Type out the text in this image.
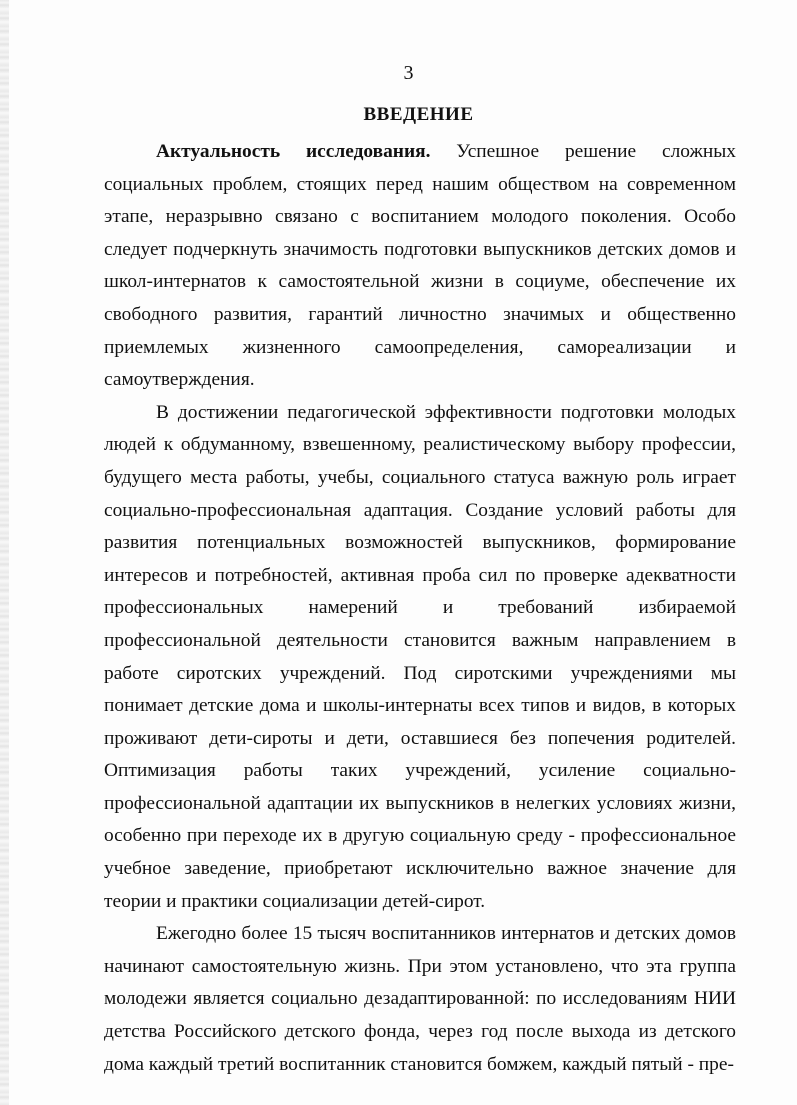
3
ВВЕДЕНИЕ

Актуальность исследования. Успешное решение сложных социальных проблем, стоящих перед нашим обществом на современном этапе, неразрывно связано с воспитанием молодого поколения. Особо следует подчеркнуть значимость подготовки выпускников детских домов и школ-интернатов к самостоятельной жизни в социуме, обеспечение их свободного развития, гарантий личностно значимых и общественно приемлемых жизненного самоопределения, самореализации и самоутверждения.

В достижении педагогической эффективности подготовки молодых людей к обдуманному, взвешенному, реалистическому выбору профессии, будущего места работы, учебы, социального статуса важную роль играет социально-профессиональная адаптация. Создание условий работы для развития потенциальных возможностей выпускников, формирование интересов и потребностей, активная проба сил по проверке адекватности профессиональных намерений и требований избираемой профессиональной деятельности становится важным направлением в работе сиротских учреждений. Под сиротскими учреждениями мы понимает детские дома и школы-интернаты всех типов и видов, в которых проживают дети-сироты и дети, оставшиеся без попечения родителей. Оптимизация работы таких учреждений, усиление социально-профессиональной адаптации их выпускников в нелегких условиях жизни, особенно при переходе их в другую социальную среду - профессиональное учебное заведение, приобретают исключительно важное значение для теории и практики социализации детей-сирот.

Ежегодно более 15 тысяч воспитанников интернатов и детских домов начинают самостоятельную жизнь. При этом установлено, что эта группа молодежи является социально дезадаптированной: по исследованиям НИИ детства Российского детского фонда, через год после выхода из детского дома каждый третий воспитанник становится бомжем, каждый пятый - пре-
